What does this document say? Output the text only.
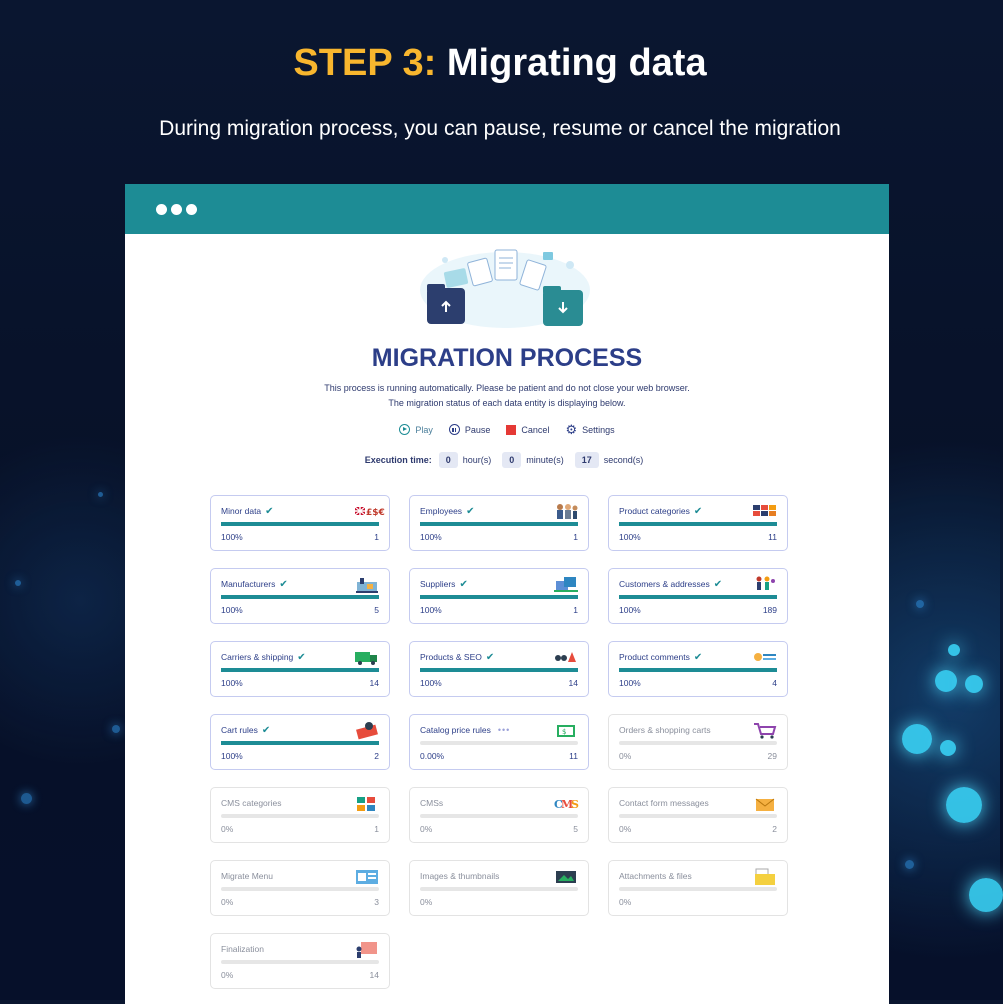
STEP 3: Migrating data
During migration process, you can pause, resume or cancel the migration
MIGRATION PROCESS
This process is running automatically. Please be patient and do not close your web browser.
The migration status of each data entity is displaying below.
Play	Pause	Cancel ⚙ Settings
Execution time:	0	hour(s)	0	minute(s)	17	second(s)
Minor data ✔	£$€
100%	1
Employees ✔
100%	1
Product categories ✔
100%	11
Manufacturers ✔
100%	5
Suppliers ✔
100%	1
Customers & addresses ✔
100%	189
Carriers & shipping ✔
100%	14
Products & SEO ✔
100%	14
Product comments ✔
100%	4
Cart rules ✔
100%	2
Catalog price rules •••	$
0.00%	11
Orders & shopping carts
0%	29
CMS categories
0%	1
CMSs	C
M
S
0%	5
Contact form messages
0%	2
Migrate Menu
0%	3
Images & thumbnails
0%
Attachments & files
0%
Finalization
0%	14
